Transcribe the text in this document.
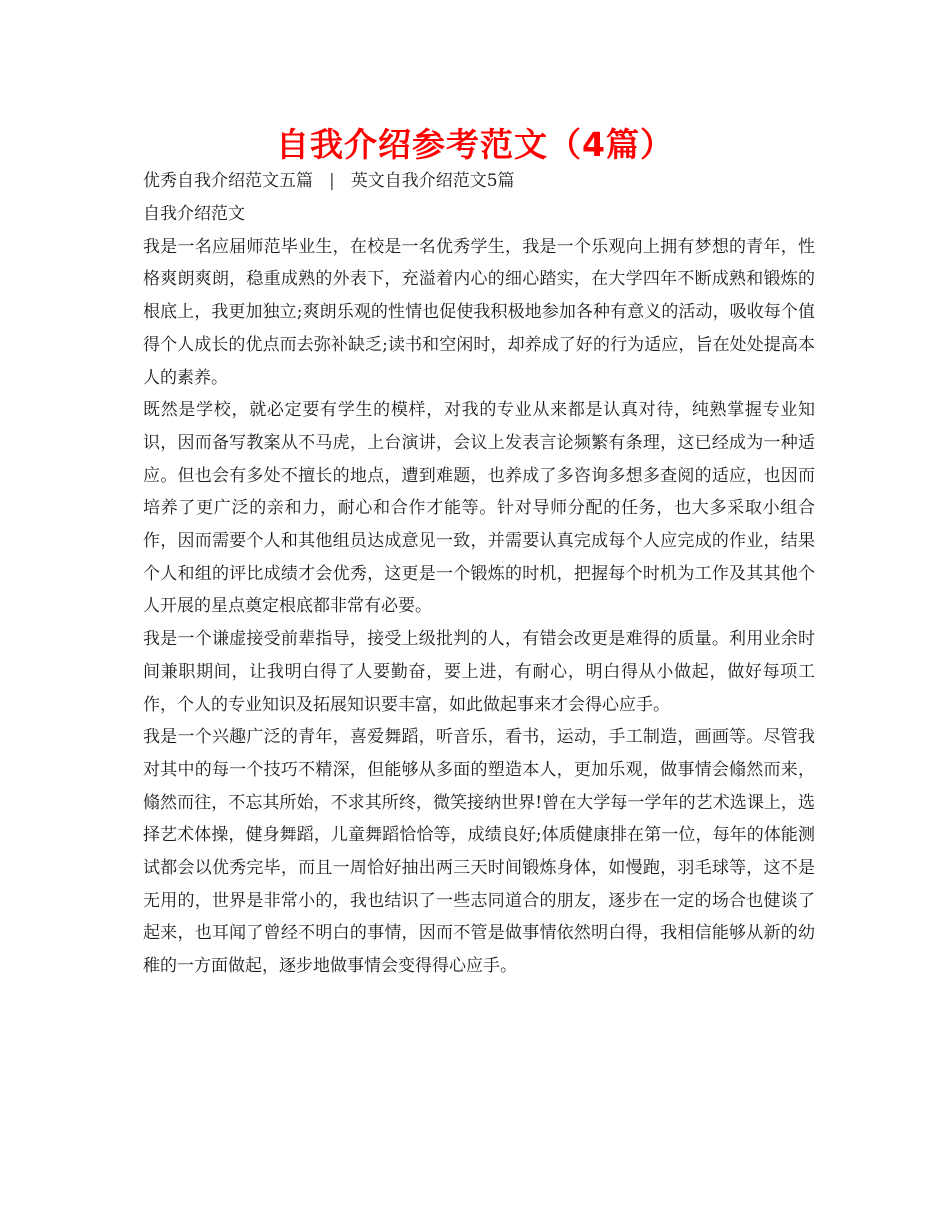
自我介绍参考范文（4篇）
优秀自我介绍范文五篇 | 英文自我介绍范文5篇

自我介绍范文

我是一名应届师范毕业生，在校是一名优秀学生，我是一个乐观向上拥有梦想的青年，性格爽朗爽朗，稳重成熟的外表下，充溢着内心的细心踏实，在大学四年不断成熟和锻炼的根底上，我更加独立;爽朗乐观的性情也促使我积极地参加各种有意义的活动，吸收每个值得个人成长的优点而去弥补缺乏;读书和空闲时，却养成了好的行为适应，旨在处处提高本人的素养。

既然是学校，就必定要有学生的模样，对我的专业从来都是认真对待，纯熟掌握专业知识，因而备写教案从不马虎，上台演讲，会议上发表言论频繁有条理，这已经成为一种适应。但也会有多处不擅长的地点，遭到难题，也养成了多咨询多想多查阅的适应，也因而培养了更广泛的亲和力，耐心和合作才能等。针对导师分配的任务，也大多采取小组合作，因而需要个人和其他组员达成意见一致，并需要认真完成每个人应完成的作业，结果个人和组的评比成绩才会优秀，这更是一个锻炼的时机，把握每个时机为工作及其其他个人开展的星点奠定根底都非常有必要。

我是一个谦虚接受前辈指导，接受上级批判的人，有错会改更是难得的质量。利用业余时间兼职期间，让我明白得了人要勤奋，要上进，有耐心，明白得从小做起，做好每项工作，个人的专业知识及拓展知识要丰富，如此做起事来才会得心应手。

我是一个兴趣广泛的青年，喜爱舞蹈，听音乐，看书，运动，手工制造，画画等。尽管我对其中的每一个技巧不精深，但能够从多面的塑造本人，更加乐观，做事情会翛然而来，翛然而往，不忘其所始，不求其所终，微笑接纳世界!曾在大学每一学年的艺术选课上，选择艺术体操，健身舞蹈，儿童舞蹈恰恰等，成绩良好;体质健康排在第一位，每年的体能测试都会以优秀完毕，而且一周恰好抽出两三天时间锻炼身体，如慢跑，羽毛球等，这不是无用的，世界是非常小的，我也结识了一些志同道合的朋友，逐步在一定的场合也健谈了起来，也耳闻了曾经不明白的事情，因而不管是做事情依然明白得，我相信能够从新的幼稚的一方面做起，逐步地做事情会变得得心应手。
